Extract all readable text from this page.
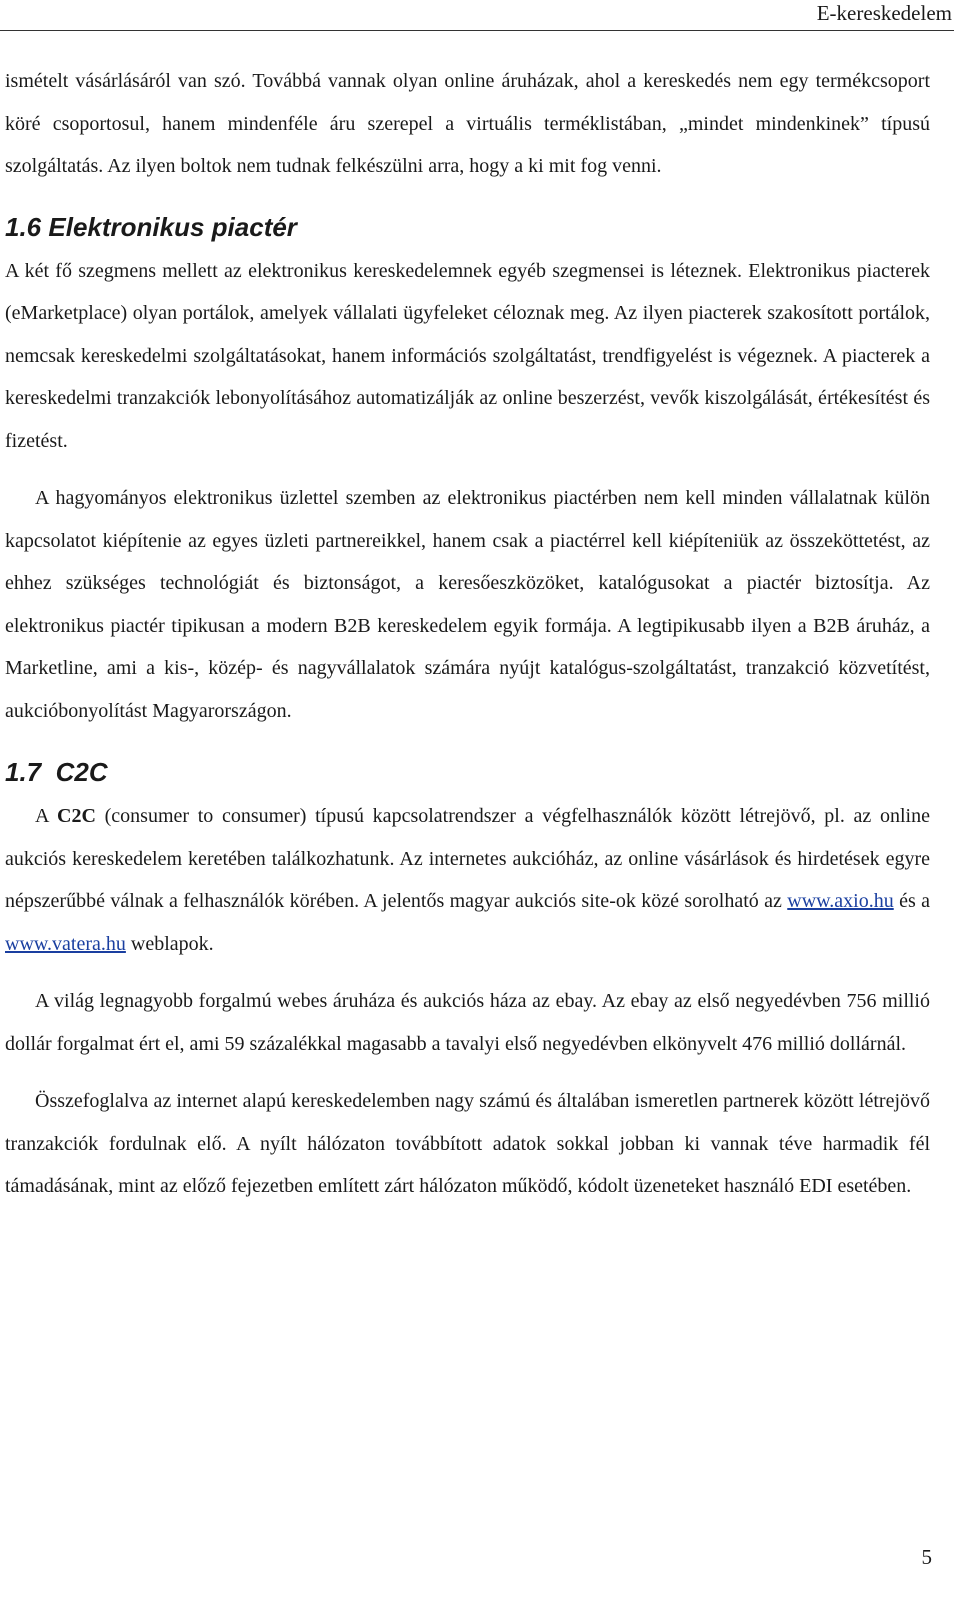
E-kereskedelem

ismételt vásárlásáról van szó. Továbbá vannak olyan online áruházak, ahol a kereskedés nem egy termékcsoport köré csoportosul, hanem mindenféle áru szerepel a virtuális terméklistában, „mindet mindenkinek” típusú szolgáltatás. Az ilyen boltok nem tudnak felkészülni arra, hogy a ki mit fog venni.

1.6 Elektronikus piactér

A két fő szegmens mellett az elektronikus kereskedelemnek egyéb szegmensei is léteznek. Elektronikus piacterek (eMarketplace) olyan portálok, amelyek vállalati ügyfeleket céloznak meg. Az ilyen piacterek szakosított portálok, nemcsak kereskedelmi szolgáltatásokat, hanem információs szolgáltatást, trendfigyelést is végeznek. A piacterek a kereskedelmi tranzakciók lebonyolításához automatizálják az online beszerzést, vevők kiszolgálását, értékesítést és fizetést.

A hagyományos elektronikus üzlettel szemben az elektronikus piactérben nem kell minden vállalatnak külön kapcsolatot kiépítenie az egyes üzleti partnereikkel, hanem csak a piactérrel kell kiépíteniük az összeköttetést, az ehhez szükséges technológiát és biztonságot, a keresőeszközöket, katalógusokat a piactér biztosítja. Az elektronikus piactér tipikusan a modern B2B kereskedelem egyik formája. A legtipikusabb ilyen a B2B áruház, a Marketline, ami a kis-, közép- és nagyvállalatok számára nyújt katalógus-szolgáltatást, tranzakció közvetítést, aukcióbonyolítást Magyarországon.

1.7 C2C

A C2C (consumer to consumer) típusú kapcsolatrendszer a végfelhasználók között létrejövő, pl. az online aukciós kereskedelem keretében találkozhatunk. Az internetes aukcióház, az online vásárlások és hirdetések egyre népszerűbbé válnak a felhasználók körében. A jelentős magyar aukciós site-ok közé sorolható az www.axio.hu és a www.vatera.hu weblapok.

A világ legnagyobb forgalmú webes áruháza és aukciós háza az ebay. Az ebay az első negyedévben 756 millió dollár forgalmat ért el, ami 59 százalékkal magasabb a tavalyi első negyedévben elkönyvelt 476 millió dollárnál.

Összefoglalva az internet alapú kereskedelemben nagy számú és általában ismeretlen partnerek között létrejövő tranzakciók fordulnak elő. A nyílt hálózaton továbbított adatok sokkal jobban ki vannak téve harmadik fél támadásának, mint az előző fejezetben említett zárt hálózaton működő, kódolt üzeneteket használó EDI esetében.

5
